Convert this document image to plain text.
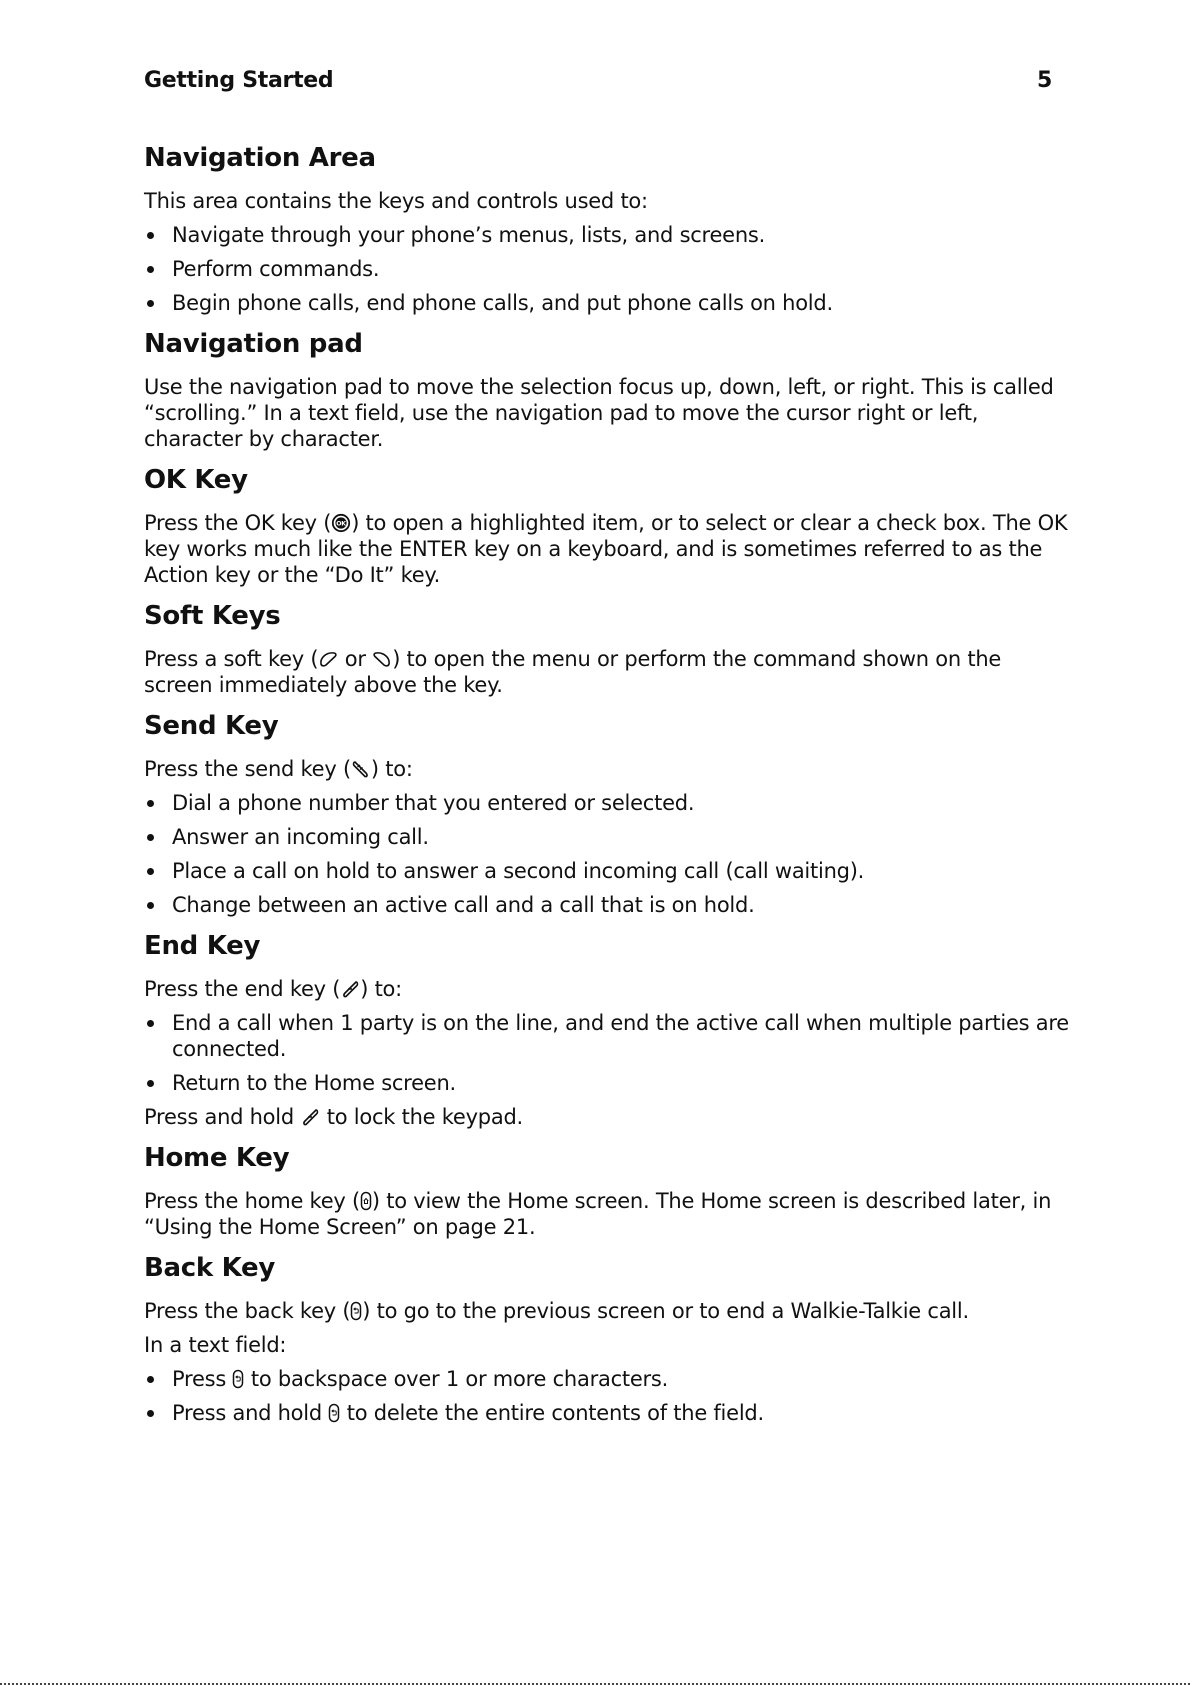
Getting Started	5
Navigation Area

This area contains the keys and controls used to:

Navigate through your phone’s menus, lists, and screens.
Perform commands.
Begin phone calls, end phone calls, and put phone calls on hold.
Navigation pad

Use the navigation pad to move the selection focus up, down, left, or right. This is called “scrolling.” In a text field, use the navigation pad to move the cursor right or left, character by character.

OK Key

Press the OK key ( OK ) to open a highlighted item, or to select or clear a check box. The OK key works much like the ENTER key on a keyboard, and is sometimes referred to as the Action key or the “Do It” key.

Soft Keys

Press a soft key (
or
) to open the menu or perform the command shown on the screen immediately above the key.

Send Key

Press the send key ( ) to:

Dial a phone number that you entered or selected.
Answer an incoming call.
Place a call on hold to answer a second incoming call (call waiting).
Change between an active call and a call that is on hold.
End Key

Press the end key ( ) to:

End a call when 1 party is on the line, and end the active call when multiple parties are connected.
Return to the Home screen.

Press and hold
to lock the keypad.

Home Key

Press the home key ( ) to view the Home screen. The Home screen is described later, in “Using the Home Screen” on page 21.

Back Key

Press the back key ( ) to go to the previous screen or to end a Walkie-Talkie call.

In a text field:

Press
to backspace over 1 or more characters.
Press and hold
to delete the entire contents of the field.
